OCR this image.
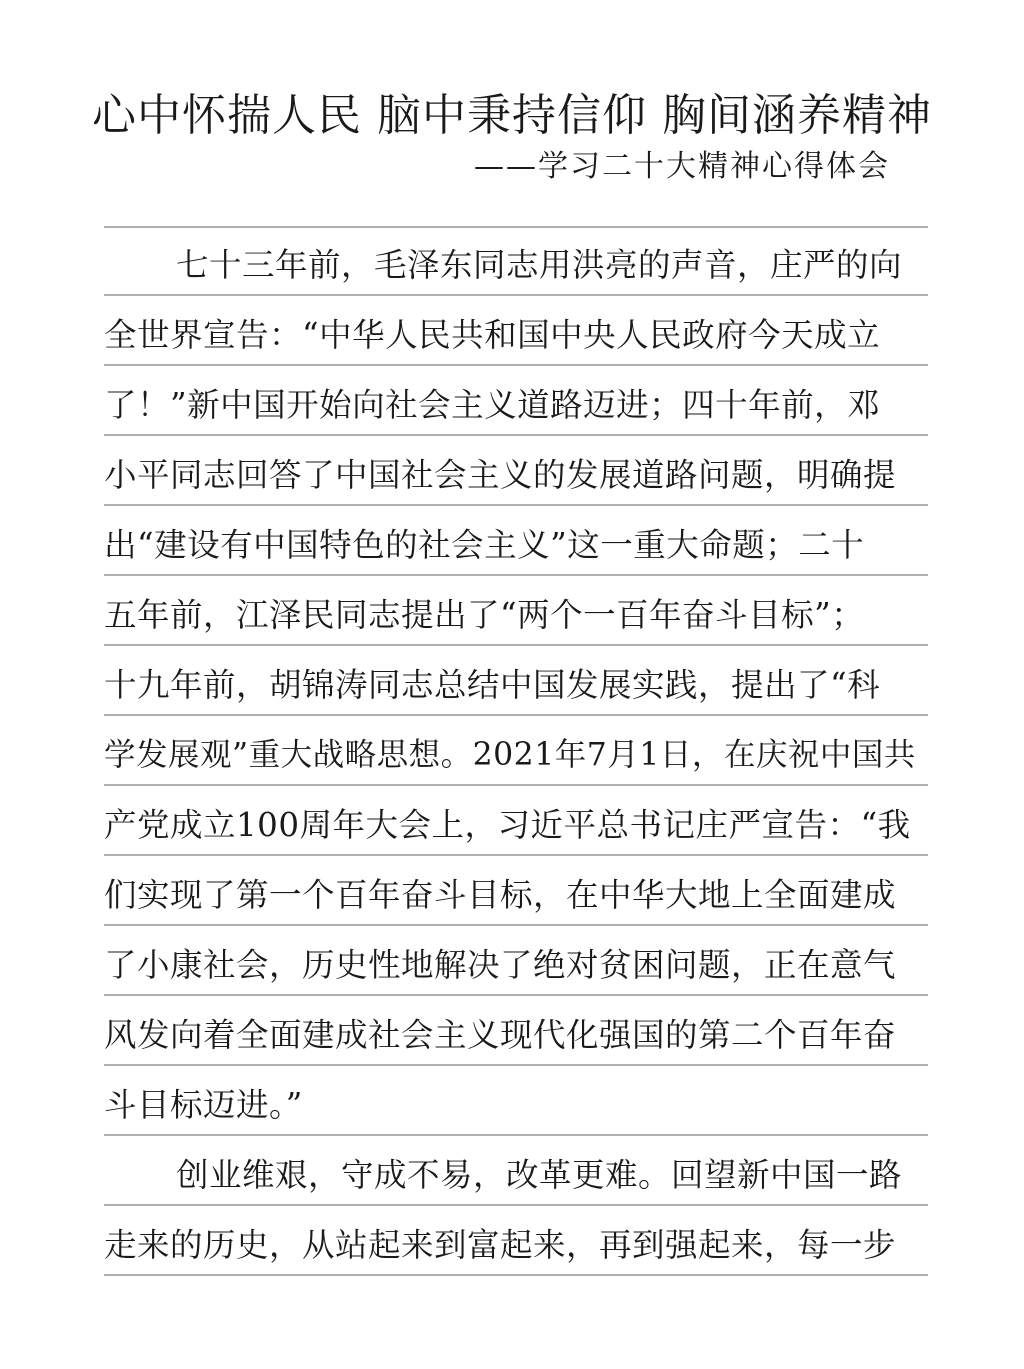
心中怀揣人民 脑中秉持信仰 胸间涵养精神
——学习二十大精神心得体会
七十三年前，毛泽东同志用洪亮的声音，庄严的向
全世界宣告：“中华人民共和国中央人民政府今天成立
了！”新中国开始向社会主义道路迈进；四十年前，邓
小平同志回答了中国社会主义的发展道路问题，明确提
出“建设有中国特色的社会主义”这一重大命题；二十
五年前，江泽民同志提出了“两个一百年奋斗目标”；
十九年前，胡锦涛同志总结中国发展实践，提出了“科
学发展观”重大战略思想。2021年7月1日，在庆祝中国共
产党成立100周年大会上，习近平总书记庄严宣告：“我
们实现了第一个百年奋斗目标，在中华大地上全面建成
了小康社会，历史性地解决了绝对贫困问题，正在意气
风发向着全面建成社会主义现代化强国的第二个百年奋
斗目标迈进。”
创业维艰，守成不易，改革更难。回望新中国一路
走来的历史，从站起来到富起来，再到强起来，每一步
